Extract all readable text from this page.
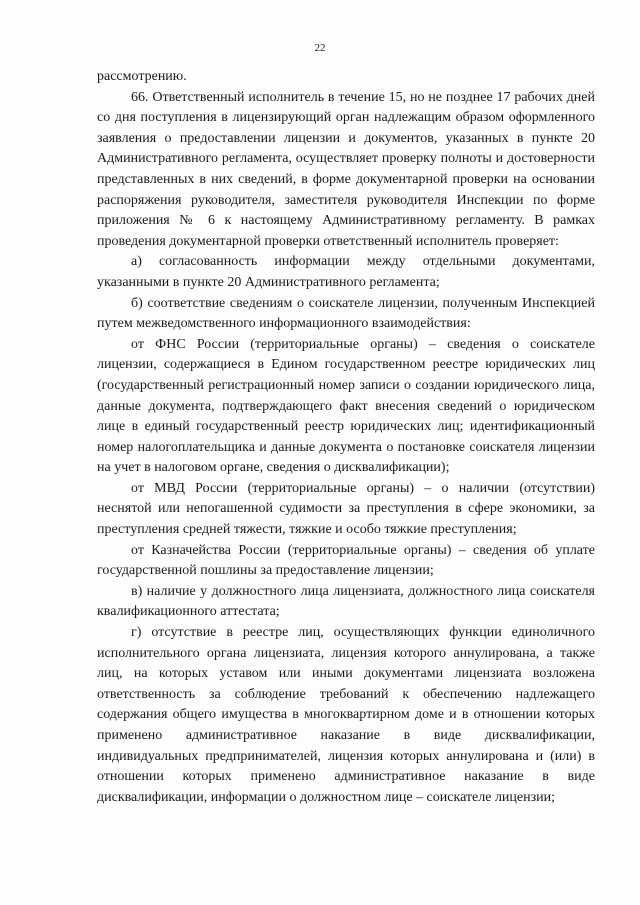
22

рассмотрению.

66. Ответственный исполнитель в течение 15, но не позднее 17 рабочих дней со дня поступления в лицензирующий орган надлежащим образом оформленного заявления о предоставлении лицензии и документов, указанных в пункте 20 Административного регламента, осуществляет проверку полноты и достоверности представленных в них сведений, в форме документарной проверки на основании распоряжения руководителя, заместителя руководителя Инспекции по форме приложения № 6 к настоящему Административному регламенту. В рамках проведения документарной проверки ответственный исполнитель проверяет:

а) согласованность информации между отдельными документами, указанными в пункте 20 Административного регламента;

б) соответствие сведениям о соискателе лицензии, полученным Инспекцией путем межведомственного информационного взаимодействия:

от ФНС России (территориальные органы) – сведения о соискателе лицензии, содержащиеся в Едином государственном реестре юридических лиц (государственный регистрационный номер записи о создании юридического лица, данные документа, подтверждающего факт внесения сведений о юридическом лице в единый государственный реестр юридических лиц; идентификационный номер налогоплательщика и данные документа о постановке соискателя лицензии на учет в налоговом органе, сведения о дисквалификации);

от МВД России (территориальные органы) – о наличии (отсутствии) неснятой или непогашенной судимости за преступления в сфере экономики, за преступления средней тяжести, тяжкие и особо тяжкие преступления;

от Казначейства России (территориальные органы) – сведения об уплате государственной пошлины за предоставление лицензии;

в) наличие у должностного лица лицензиата, должностного лица соискателя квалификационного аттестата;

г) отсутствие в реестре лиц, осуществляющих функции единоличного исполнительного органа лицензиата, лицензия которого аннулирована, а также лиц, на которых уставом или иными документами лицензиата возложена ответственность за соблюдение требований к обеспечению надлежащего содержания общего имущества в многоквартирном доме и в отношении которых применено административное наказание в виде дисквалификации, индивидуальных предпринимателей, лицензия которых аннулирована и (или) в отношении которых применено административное наказание в виде дисквалификации, информации о должностном лице – соискателе лицензии;
